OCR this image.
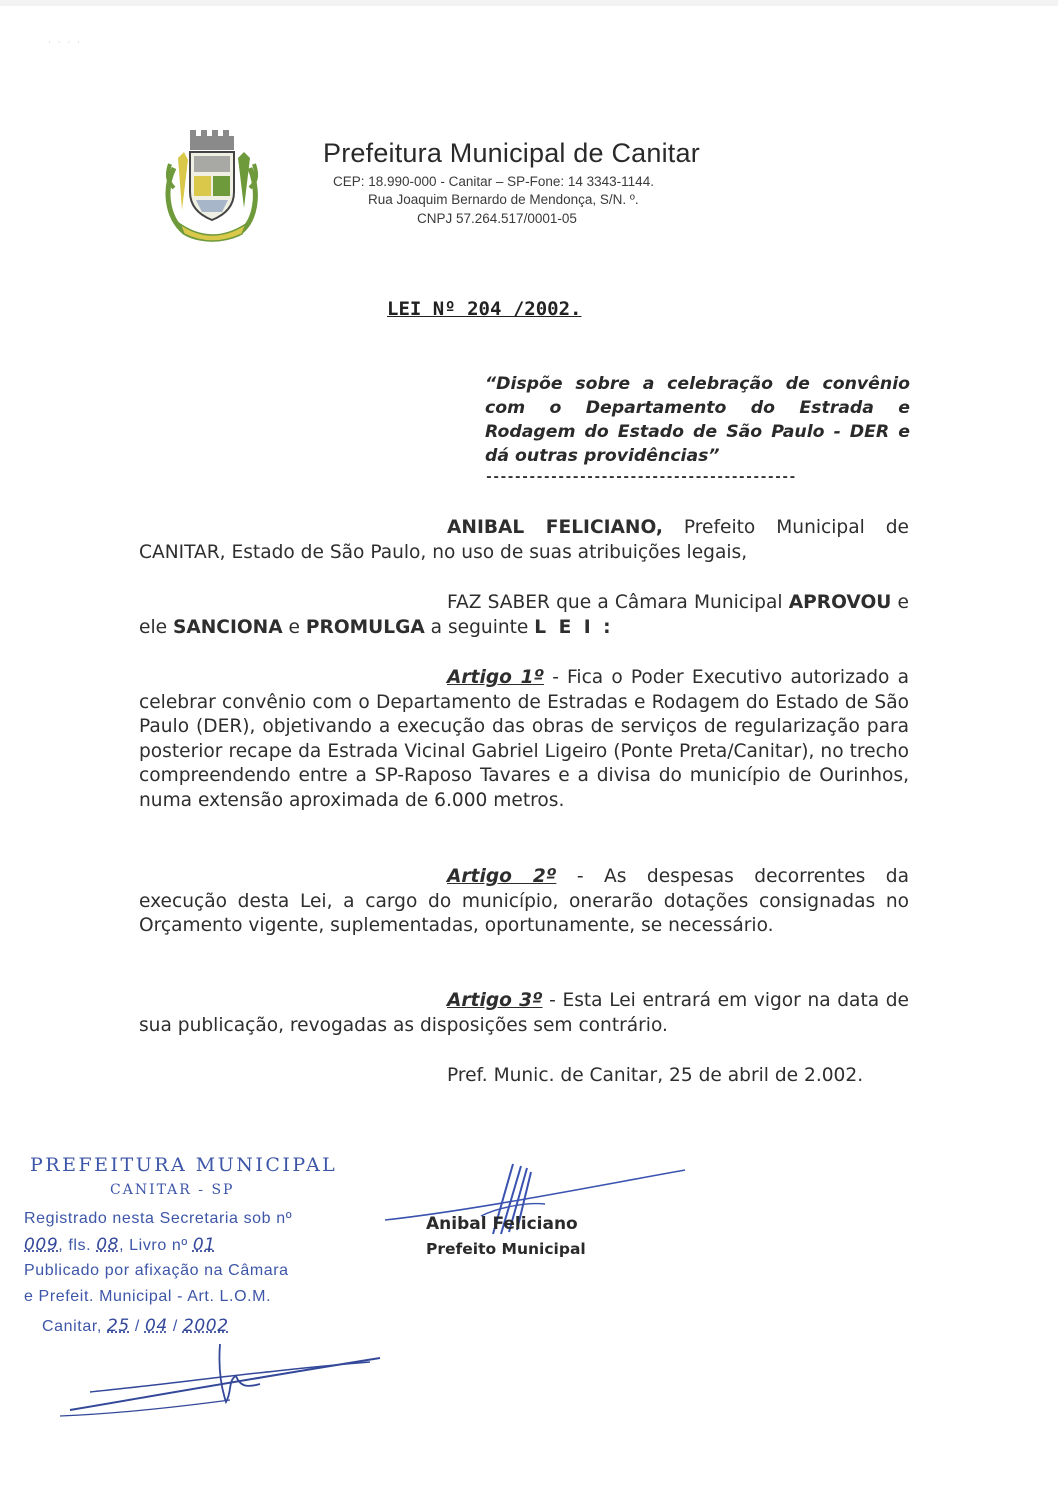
· · · ·
Prefeitura Municipal de Canitar
CEP: 18.990-000 - Canitar – SP-Fone: 14 3343-1144.
Rua Joaquim Bernardo de Mendonça, S/N. º.
CNPJ 57.264.517/0001-05
LEI Nº 204 /2002.
“Dispõe sobre a celebração de convênio com o Departamento do Estrada e Rodagem do Estado de São Paulo - DER e dá outras providências”
-------------------------------------------
ANIBAL FELICIANO, Prefeito Municipal de CANITAR, Estado de São Paulo, no uso de suas atribuições legais,
FAZ SABER que a Câmara Municipal APROVOU e ele SANCIONA e PROMULGA a seguinte L E I :
Artigo 1º - Fica o Poder Executivo autorizado a celebrar convênio com o Departamento de Estradas e Rodagem do Estado de São Paulo (DER), objetivando a execução das obras de serviços de regularização para posterior recape da Estrada Vicinal Gabriel Ligeiro (Ponte Preta/Canitar), no trecho compreendendo entre a SP-Raposo Tavares e a divisa do município de Ourinhos, numa extensão aproximada de 6.000 metros.
Artigo 2º - As despesas decorrentes da execução desta Lei, a cargo do município, onerarão dotações consignadas no Orçamento vigente, suplementadas, oportunamente, se necessário.
Artigo 3º - Esta Lei entrará em vigor na data de sua publicação, revogadas as disposições sem contrário.
Pref. Munic. de Canitar, 25 de abril de 2.002.
PREFEITURA MUNICIPAL
CANITAR - SP
Registrado nesta Secretaria sob nº
009, fls. 08, Livro nº 01
Publicado por afixação na Câmara
e Prefeit. Municipal - Art. L.O.M.
Canitar, 25 / 04 / 2002
Anibal Feliciano
Prefeito Municipal
